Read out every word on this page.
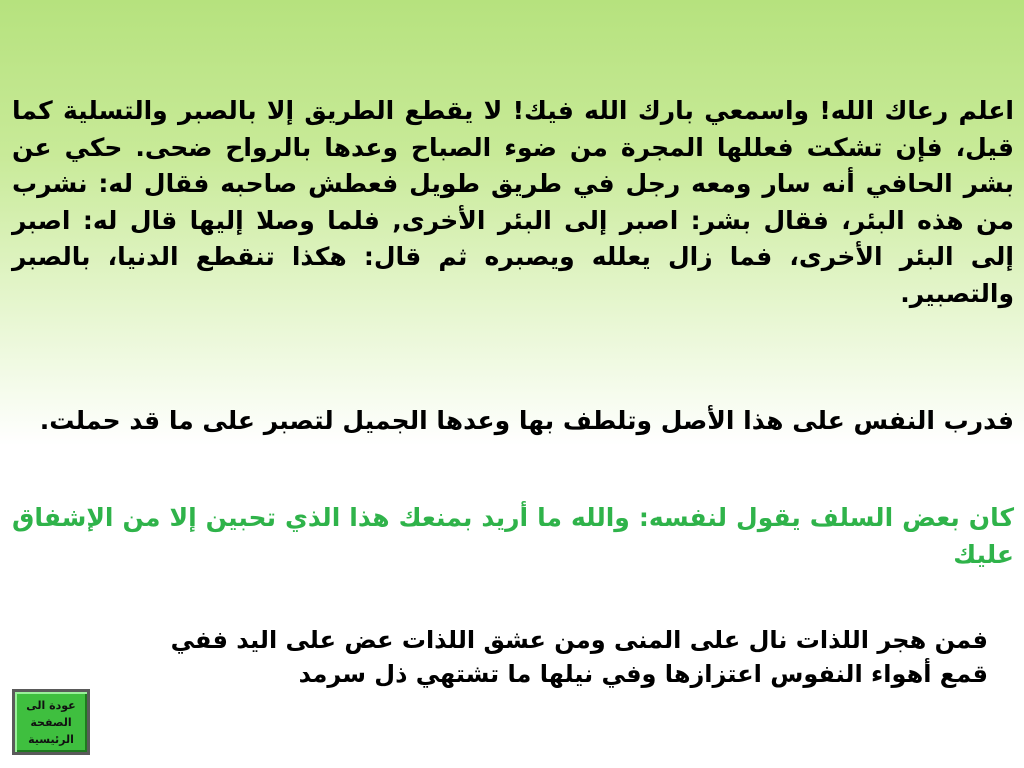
اعلم رعاك الله! واسمعي بارك الله فيك! لا يقطع الطريق إلا بالصبر والتسلية كما قيل، فإن تشكت فعللها المجرة من ضوء الصباح وعدها بالرواح ضحى. حكي عن بشر الحافي أنه سار ومعه رجل في طريق طويل فعطش صاحبه فقال له: نشرب من هذه البئر، فقال بشر: اصبر إلى البئر الأخرى, فلما وصلا إليها قال له: اصبر إلى البئر الأخرى، فما زال يعلله ويصبره ثم قال: هكذا تنقطع الدنيا، بالصبر والتصبير.

فدرب النفس على هذا الأصل وتلطف بها وعدها الجميل لتصبر على ما قد حملت.

كان بعض السلف يقول لنفسه: والله ما أريد بمنعك هذا الذي تحبين إلا من الإشفاق عليك

فمن هجر اللذات نال على المنى ومن عشق اللذات عض على اليد ففي
قمع أهواء النفوس اعتزازها وفي نيلها ما تشتهي ذل سرمد
عودة الى الصفحة الرئيسية
